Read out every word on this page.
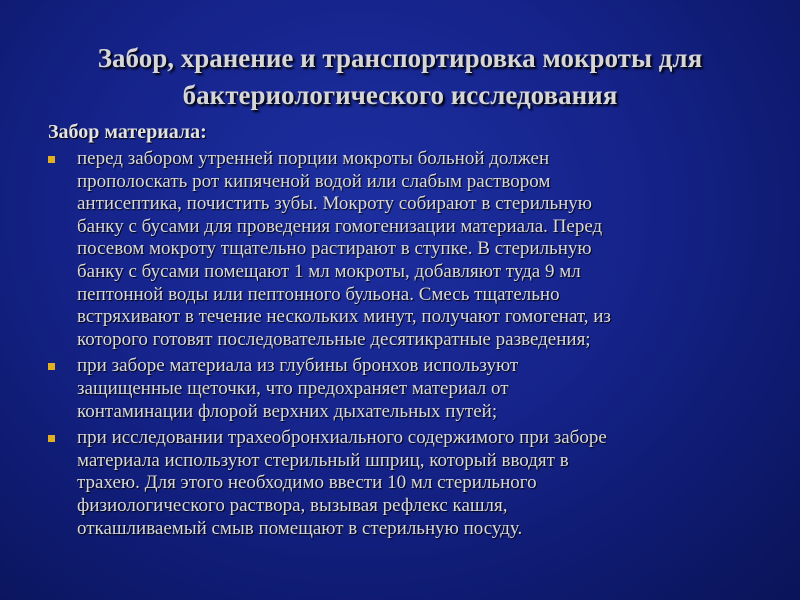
Забор, хранение и транспортировка мокроты для
бактериологического исследования
Забор материала:
перед забором утренней порции мокроты больной должен
прополоскать рот кипяченой водой или слабым раствором
антисептика, почистить зубы. Мокроту собирают в стерильную
банку с бусами для проведения гомогенизации материала. Перед
посевом мокроту тщательно растирают в ступке. В стерильную
банку с бусами помещают 1 мл мокроты, добавляют туда 9 мл
пептонной воды или пептонного бульона. Смесь тщательно
встряхивают в течение нескольких минут, получают гомогенат, из
которого готовят последовательные десятикратные разведения;
при заборе материала из глубины бронхов используют
защищенные щеточки, что предохраняет материал от
контаминации флорой верхних дыхательных путей;
при исследовании трахеобронхиального содержимого при заборе
материала используют стерильный шприц, который вводят в
трахею. Для этого необходимо ввести 10 мл стерильного
физиологического раствора, вызывая рефлекс кашля,
откашливаемый смыв помещают в стерильную посуду.
